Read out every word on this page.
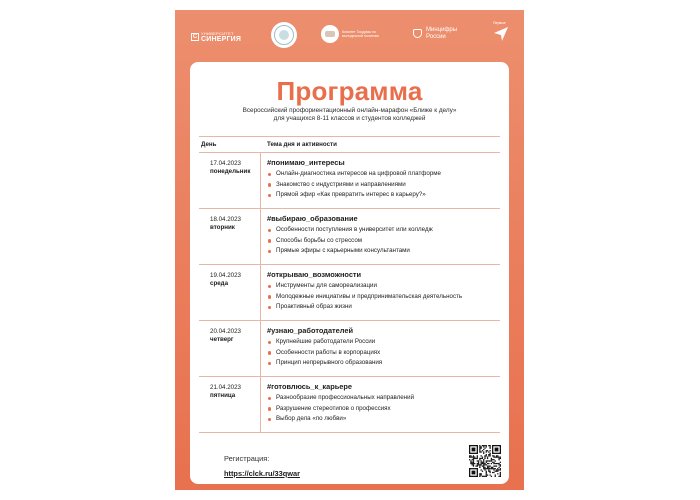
С
УНИВЕРСИТЕТ
СИНЕРГИЯ
Комитет Госдумы по молодежной политике
Минцифры
России
Первые
Программа
Всероссийский профориентационный онлайн-марафон «Ближе к делу»
для учащихся 8-11 классов и студентов колледжей
День	Тема дня и активности
17.04.2023
понедельник
#понимаю_интересы
Онлайн-диагностика интересов на цифровой платформе
Знакомство с индустриями и направлениями
Прямой эфир «Как превратить интерес в карьеру?»
18.04.2023
вторник
#выбираю_образование
Особенности поступления в университет или колледж
Способы борьбы со стрессом
Прямые эфиры с карьерными консультантами
19.04.2023
среда
#открываю_возможности
Инструменты для самореализации
Молодежные инициативы и предпринимательская деятельность
Проактивный образ жизни
20.04.2023
четверг
#узнаю_работодателей
Крупнейшие работодатели России
Особенности работы в корпорациях
Принцип непрерывного образования
21.04.2023
пятница
#готовлюсь_к_карьере
Разнообразие профессиональных направлений
Разрушение стереотипов о профессиях
Выбор дела «по любви»
Регистрация:
https://clck.ru/33qwar
